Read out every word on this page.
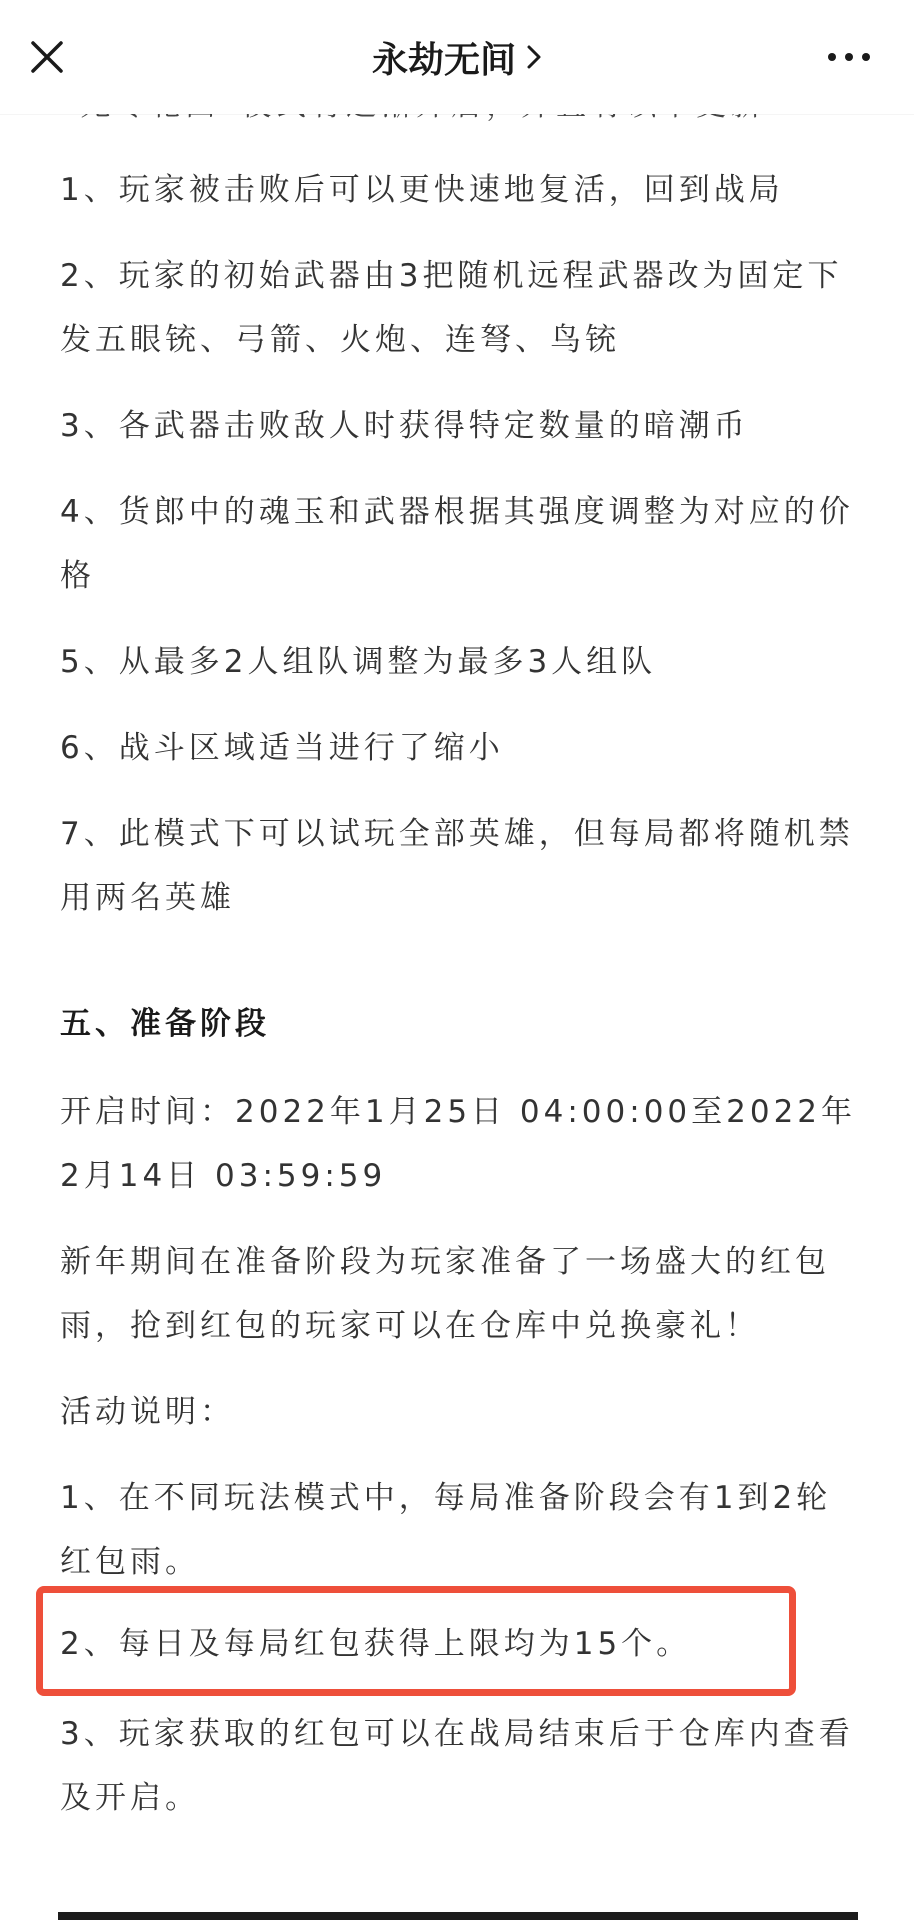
永劫无间

1、玩家被击败后可以更快速地复活，回到战局

2、玩家的初始武器由3把随机远程武器改为固定下发五眼铳、弓箭、火炮、连弩、鸟铳

3、各武器击败敌人时获得特定数量的暗潮币

4、货郎中的魂玉和武器根据其强度调整为对应的价格

5、从最多2人组队调整为最多3人组队

6、战斗区域适当进行了缩小

7、此模式下可以试玩全部英雄，但每局都将随机禁用两名英雄

五、准备阶段

开启时间：2022年1月25日 04:00:00至2022年2月14日 03:59:59

新年期间在准备阶段为玩家准备了一场盛大的红包雨，抢到红包的玩家可以在仓库中兑换豪礼！

活动说明：

1、在不同玩法模式中，每局准备阶段会有1到2轮红包雨。

2、每日及每局红包获得上限均为15个。

3、玩家获取的红包可以在战局结束后于仓库内查看及开启。
